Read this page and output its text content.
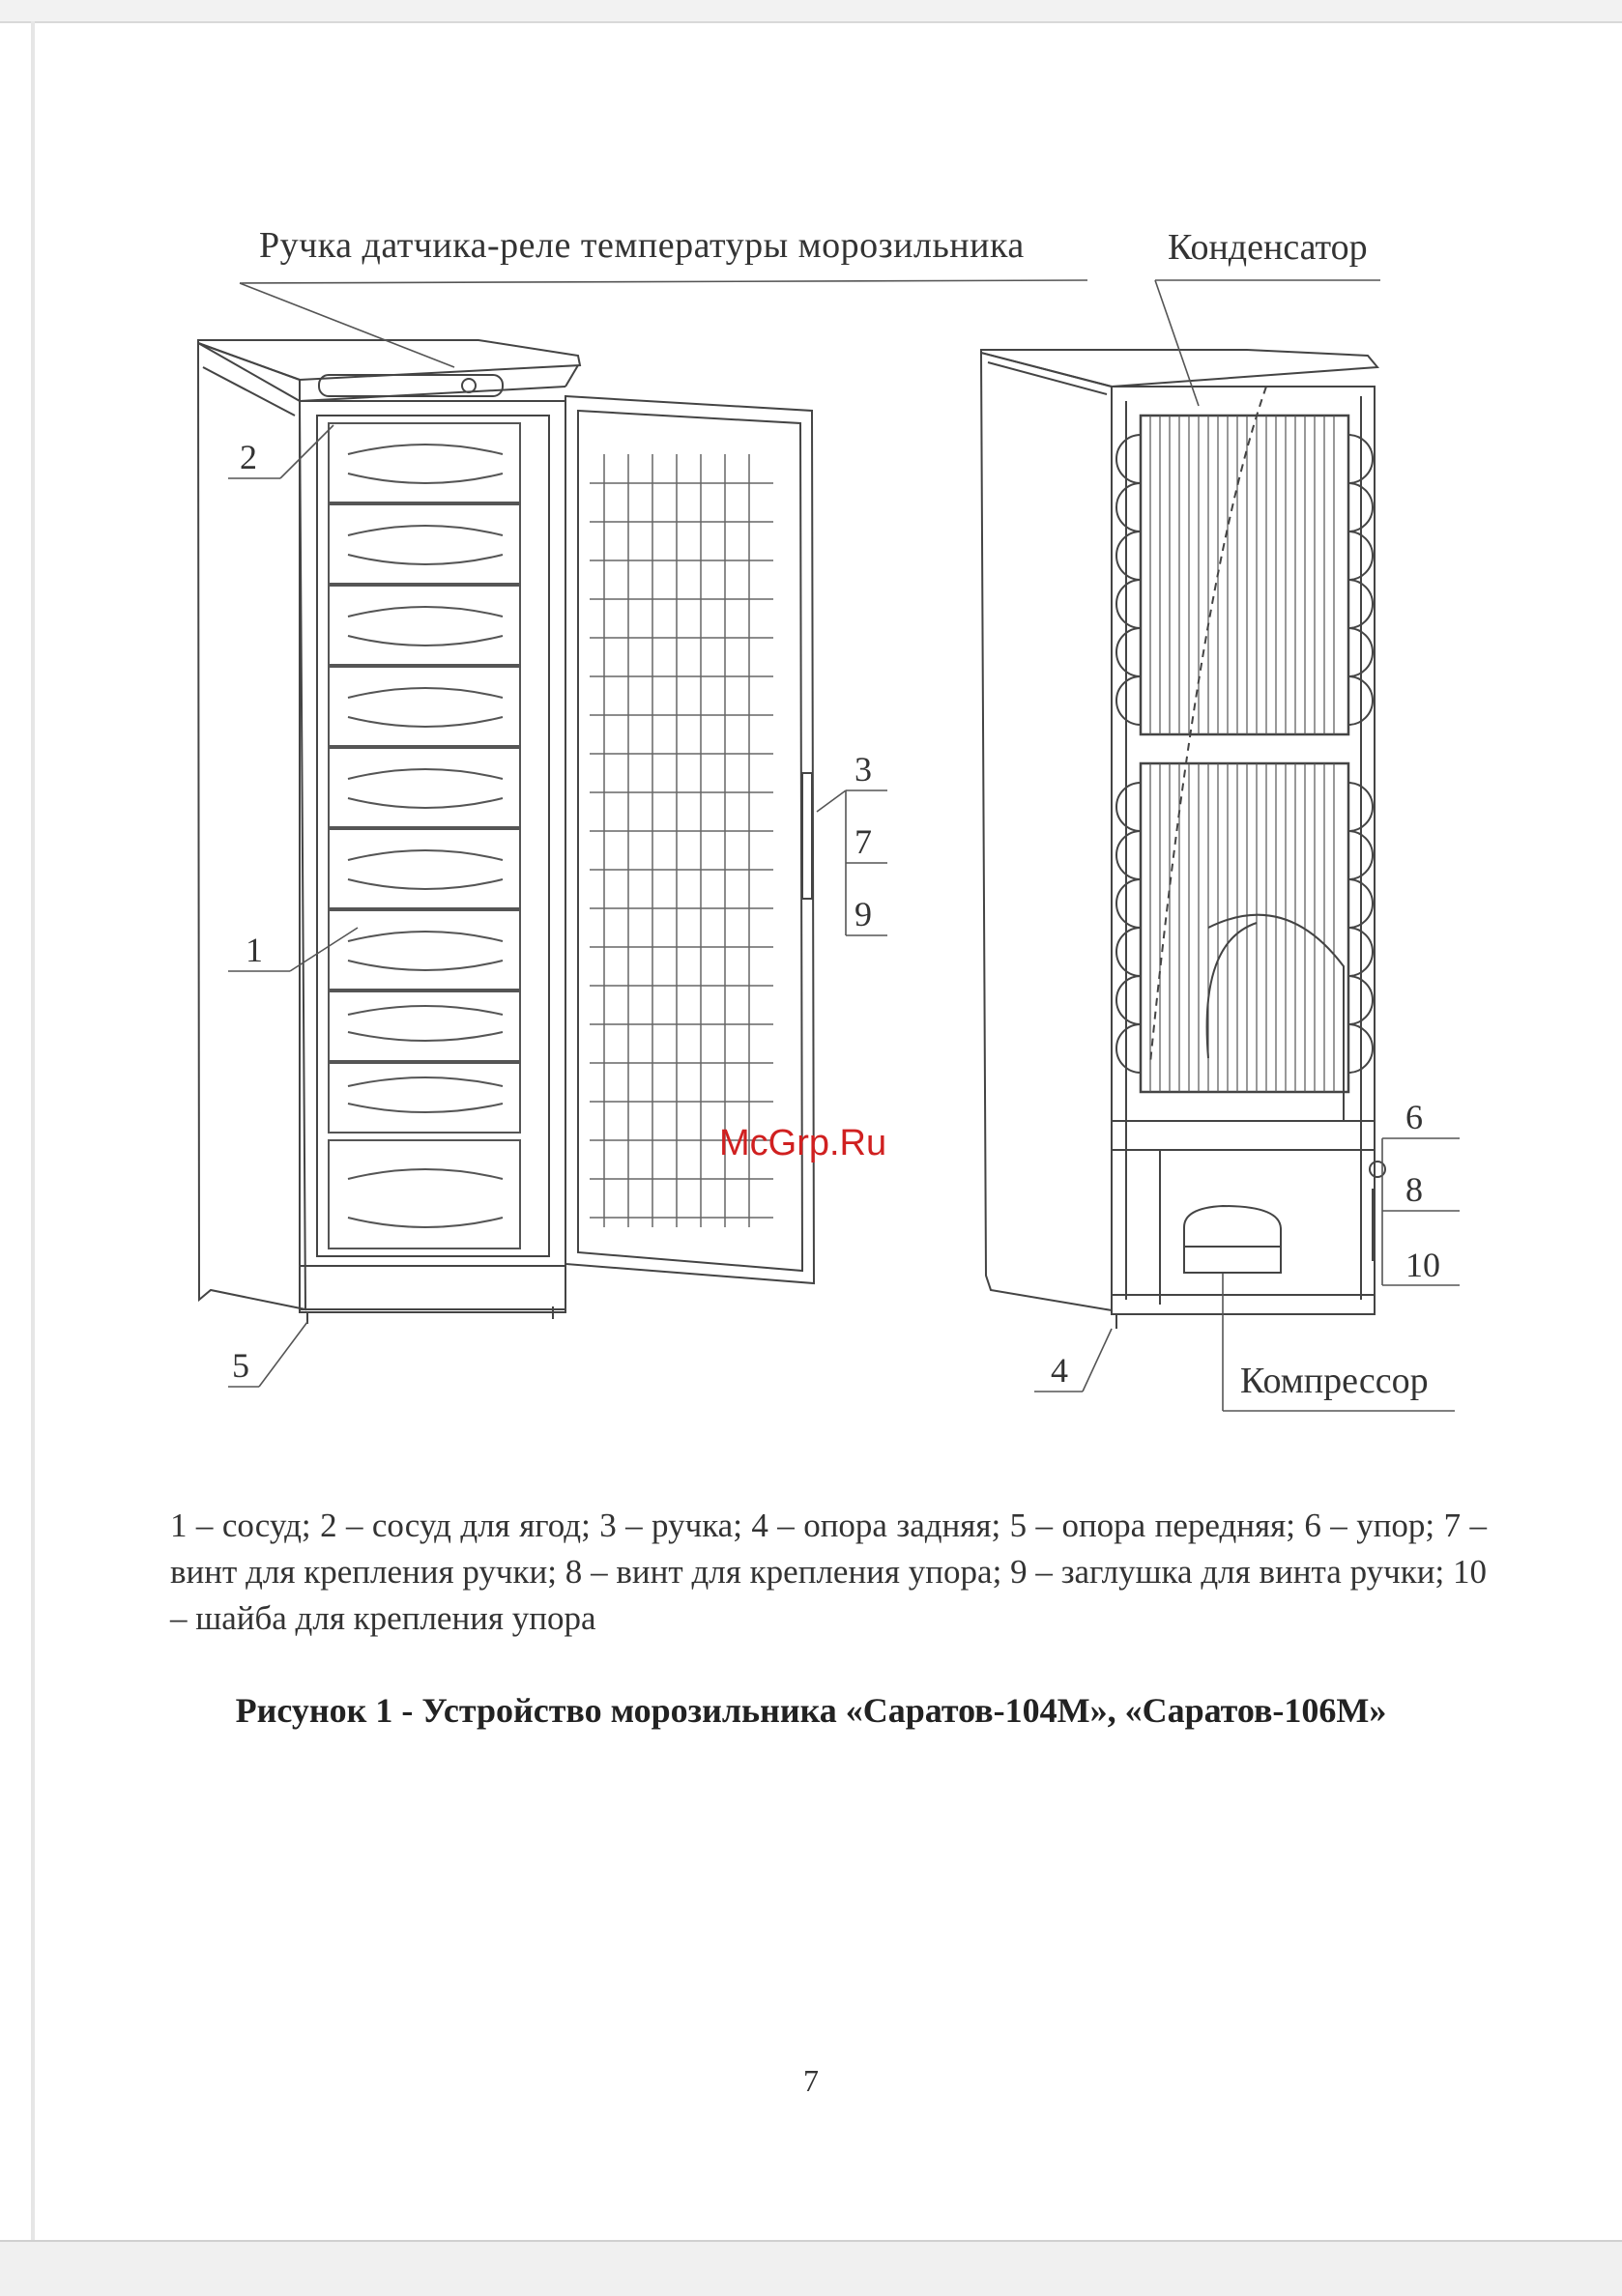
Ручка датчика-реле температуры морозильника	Конденсатор
Компрессор
2
1
5
3
7
9
4
6
8
10
McGrp.Ru
1 – сосуд; 2 – сосуд для ягод; 3 – ручка; 4 – опора задняя; 5 – опора передняя; 6 – упор; 7 – винт для крепления ручки; 8 – винт для крепления упора; 9 – заглушка для винта ручки; 10 – шайба для крепления упора
Рисунок 1 - Устройство морозильника «Саратов-104М», «Саратов-106М»
7
